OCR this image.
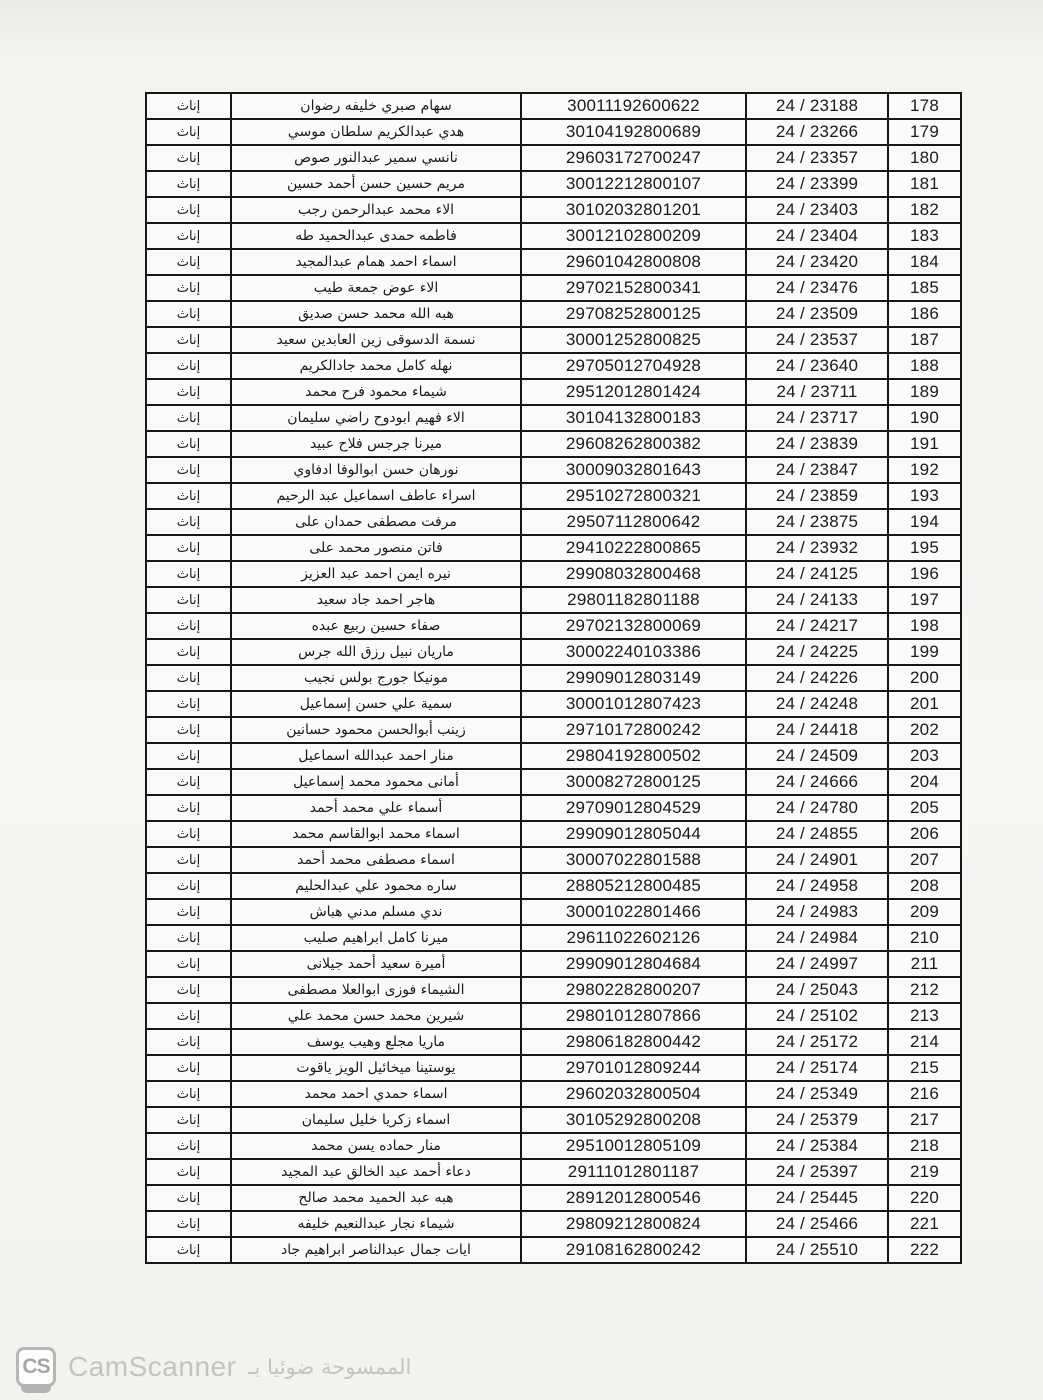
178	24 / 23188	30011192600622	سهام صبري خليفه رضوان	إناث
179	24 / 23266	30104192800689	هدي عبدالكريم سلطان موسي	إناث
180	24 / 23357	29603172700247	نانسي سمير عبدالنور صوص	إناث
181	24 / 23399	30012212800107	مريم حسين حسن أحمد حسين	إناث
182	24 / 23403	30102032801201	الاء محمد عبدالرحمن رجب	إناث
183	24 / 23404	30012102800209	فاطمه حمدى عبدالحميد طه	إناث
184	24 / 23420	29601042800808	اسماء احمد همام عبدالمجيد	إناث
185	24 / 23476	29702152800341	الاء عوض جمعة طيب	إناث
186	24 / 23509	29708252800125	هبه الله محمد حسن صديق	إناث
187	24 / 23537	30001252800825	نسمة الدسوقى زين العابدين سعيد	إناث
188	24 / 23640	29705012704928	نهله كامل محمد جادالكريم	إناث
189	24 / 23711	29512012801424	شيماء محمود فرح محمد	إناث
190	24 / 23717	30104132800183	الاء فهيم ابودوح راضي سليمان	إناث
191	24 / 23839	29608262800382	ميرنا جرجس فلاح عبيد	إناث
192	24 / 23847	30009032801643	نورهان حسن ابوالوفا ادفاوي	إناث
193	24 / 23859	29510272800321	اسراء عاطف اسماعيل عبد الرحيم	إناث
194	24 / 23875	29507112800642	مرفت مصطفى حمدان على	إناث
195	24 / 23932	29410222800865	فاتن منصور محمد على	إناث
196	24 / 24125	29908032800468	نيره ايمن احمد عبد العزيز	إناث
197	24 / 24133	29801182801188	هاجر احمد جاد سعيد	إناث
198	24 / 24217	29702132800069	صفاء حسين ربيع عبده	إناث
199	24 / 24225	30002240103386	ماريان نبيل رزق الله جرس	إناث
200	24 / 24226	29909012803149	مونيكا جورج بولس نجيب	إناث
201	24 / 24248	30001012807423	سمية علي حسن إسماعيل	إناث
202	24 / 24418	29710172800242	زينب أبوالحسن محمود حسانين	إناث
203	24 / 24509	29804192800502	منار احمد عبدالله اسماعيل	إناث
204	24 / 24666	30008272800125	أمانى محمود محمد إسماعيل	إناث
205	24 / 24780	29709012804529	أسماء علي محمد أحمد	إناث
206	24 / 24855	29909012805044	اسماء محمد ابوالقاسم محمد	إناث
207	24 / 24901	30007022801588	اسماء مصطفى محمد أحمد	إناث
208	24 / 24958	28805212800485	ساره محمود علي عبدالحليم	إناث
209	24 / 24983	30001022801466	ندي مسلم مدني هباش	إناث
210	24 / 24984	29611022602126	ميرنا كامل ابراهيم صليب	إناث
211	24 / 24997	29909012804684	أميرة سعيد أحمد جيلانى	إناث
212	24 / 25043	29802282800207	الشيماء فوزى ابوالعلا مصطفى	إناث
213	24 / 25102	29801012807866	شيرين محمد حسن محمد علي	إناث
214	24 / 25172	29806182800442	ماريا مجلع وهيب يوسف	إناث
215	24 / 25174	29701012809244	يوستينا ميخائيل الويز ياقوت	إناث
216	24 / 25349	29602032800504	اسماء حمدي احمد محمد	إناث
217	24 / 25379	30105292800208	اسماء زكريا خليل سليمان	إناث
218	24 / 25384	29510012805109	منار حماده يسن محمد	إناث
219	24 / 25397	29111012801187	دعاء أحمد عبد الخالق عبد المجيد	إناث
220	24 / 25445	28912012800546	هبه عبد الحميد محمد صالح	إناث
221	24 / 25466	29809212800824	شيماء نجار عبدالنعيم خليفه	إناث
222	24 / 25510	29108162800242	ايات جمال عبدالناصر ابراهيم جاد	إناث
CS CamScanner الممسوحة ضوئيا بـ
